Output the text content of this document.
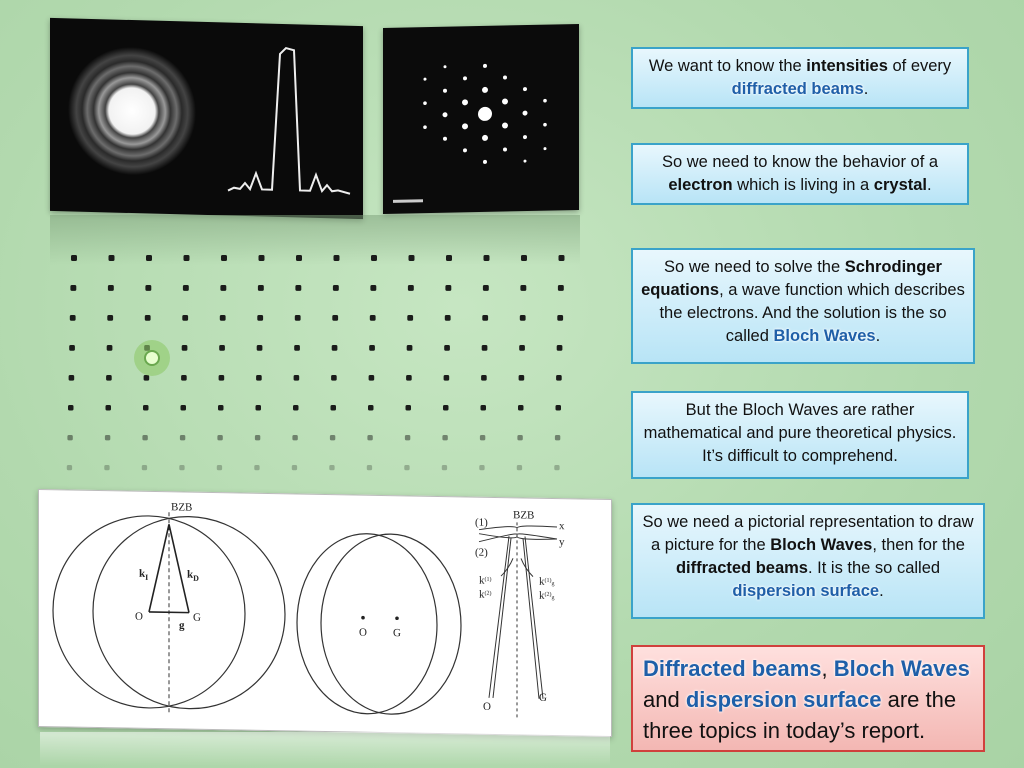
BZB
$k_I$	$k_D$
O	G
g
O G
BZB
(1)
(2)
x
y
$k^{(1)}$
$k^{(2)}$
$k^{(1)}_g$
$k^{(2)}_g$
O
G
We want to know the intensities of every diffracted beams.
So we need to know the behavior of a electron which is living in a crystal.
So we need to solve the Schrodinger equations, a wave function which describes the electrons. And the solution is the so called Bloch Waves.
But the Bloch Waves are rather mathematical and pure theoretical physics. It’s difficult to comprehend.
So we need a pictorial representation to draw a picture for the Bloch Waves, then for the diffracted beams. It is the so called dispersion surface.
Diffracted beams, Bloch Waves and dispersion surface are the three topics in today’s report.
